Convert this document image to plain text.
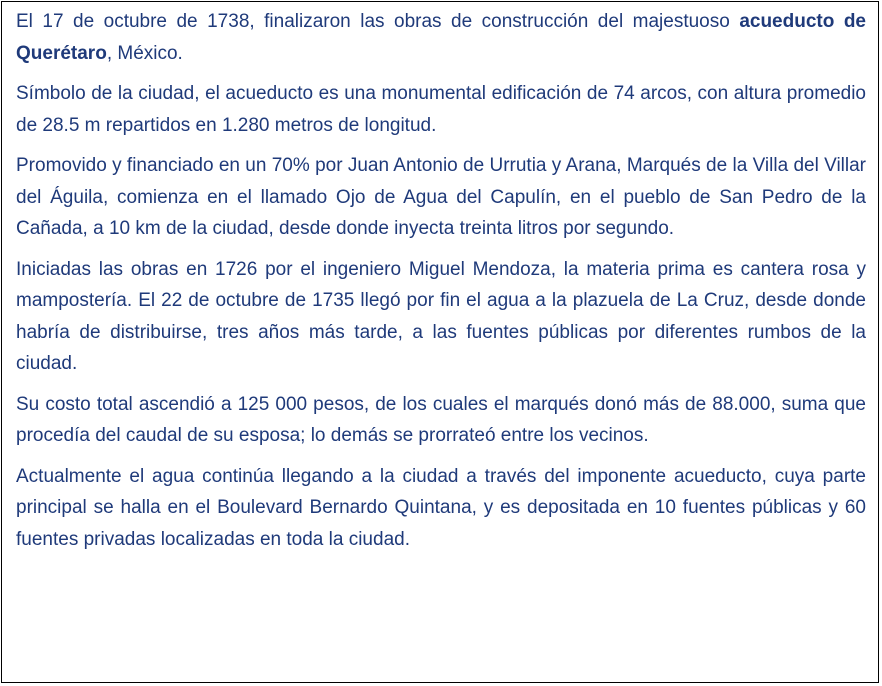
El 17 de octubre de 1738, finalizaron las obras de construcción del majestuoso acueducto de Querétaro, México.

Símbolo de la ciudad, el acueducto es una monumental edificación de 74 arcos, con altura promedio de 28.5 m repartidos en 1.280 metros de longitud.

Promovido y financiado en un 70% por Juan Antonio de Urrutia y Arana, Marqués de la Villa del Villar del Águila, comienza en el llamado Ojo de Agua del Capulín, en el pueblo de San Pedro de la Cañada, a 10 km de la ciudad, desde donde inyecta treinta litros por segundo.

Iniciadas las obras en 1726 por el ingeniero Miguel Mendoza, la materia prima es cantera rosa y mampostería. El 22 de octubre de 1735 llegó por fin el agua a la plazuela de La Cruz, desde donde habría de distribuirse, tres años más tarde, a las fuentes públicas por diferentes rumbos de la ciudad.

Su costo total ascendió a 125 000 pesos, de los cuales el marqués donó más de 88.000, suma que procedía del caudal de su esposa; lo demás se prorrateó entre los vecinos.

Actualmente el agua continúa llegando a la ciudad a través del imponente acueducto, cuya parte principal se halla en el Boulevard Bernardo Quintana, y es depositada en 10 fuentes públicas y 60 fuentes privadas localizadas en toda la ciudad.
